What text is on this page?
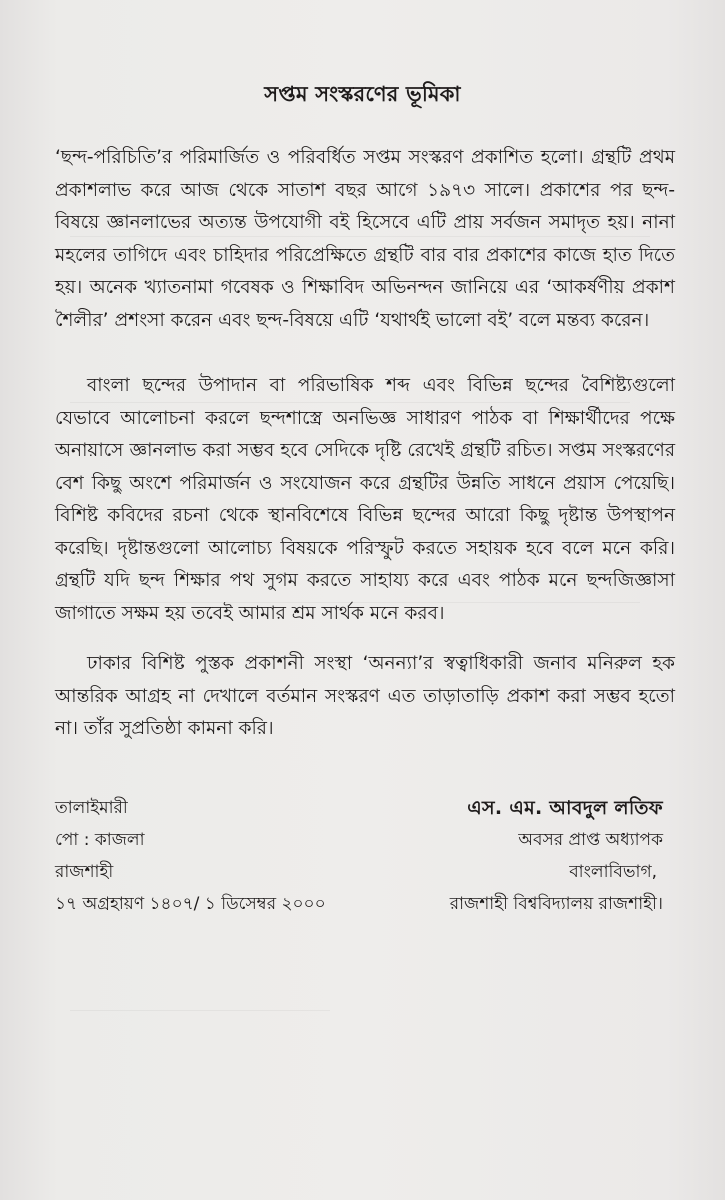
সপ্তম সংস্করণের ভূমিকা

‘ছন্দ-পরিচিতি’র পরিমার্জিত ও পরিবর্ধিত সপ্তম সংস্করণ প্রকাশিত হলো। গ্রন্থটি প্রথম প্রকাশলাভ করে আজ থেকে সাতাশ বছর আগে ১৯৭৩ সালে। প্রকাশের পর ছন্দ-বিষয়ে জ্ঞানলাভের অত্যন্ত উপযোগী বই হিসেবে এটি প্রায় সর্বজন সমাদৃত হয়। নানা মহলের তাগিদে এবং চাহিদার পরিপ্রেক্ষিতে গ্রন্থটি বার বার প্রকাশের কাজে হাত দিতে হয়। অনেক খ্যাতনামা গবেষক ও শিক্ষাবিদ অভিনন্দন জানিয়ে এর ‘আকর্ষণীয় প্রকাশ শৈলীর’ প্রশংসা করেন এবং ছন্দ-বিষয়ে এটি ‘যথার্থই ভালো বই’ বলে মন্তব্য করেন।

বাংলা ছন্দের উপাদান বা পরিভাষিক শব্দ এবং বিভিন্ন ছন্দের বৈশিষ্ট্যগুলো যেভাবে আলোচনা করলে ছন্দশাস্ত্রে অনভিজ্ঞ সাধারণ পাঠক বা শিক্ষার্থীদের পক্ষে অনায়াসে জ্ঞানলাভ করা সম্ভব হবে সেদিকে দৃষ্টি রেখেই গ্রন্থটি রচিত। সপ্তম সংস্করণের বেশ কিছু অংশে পরিমার্জন ও সংযোজন করে গ্রন্থটির উন্নতি সাধনে প্রয়াস পেয়েছি। বিশিষ্ট কবিদের রচনা থেকে স্থানবিশেষে বিভিন্ন ছন্দের আরো কিছু দৃষ্টান্ত উপস্থাপন করেছি। দৃষ্টান্তগুলো আলোচ্য বিষয়কে পরিস্ফুট করতে সহায়ক হবে বলে মনে করি। গ্রন্থটি যদি ছন্দ শিক্ষার পথ সুগম করতে সাহায্য করে এবং পাঠক মনে ছন্দজিজ্ঞাসা জাগাতে সক্ষম হয় তবেই আমার শ্রম সার্থক মনে করব।

ঢাকার বিশিষ্ট পুস্তক প্রকাশনী সংস্থা ‘অনন্যা’র স্বত্বাধিকারী জনাব মনিরুল হক আন্তরিক আগ্রহ না দেখালে বর্তমান সংস্করণ এত তাড়াতাড়ি প্রকাশ করা সম্ভব হতো না। তাঁর সুপ্রতিষ্ঠা কামনা করি।

তালাইমারী
পো : কাজলা
রাজশাহী
১৭ অগ্রহায়ণ ১৪০৭/ ১ ডিসেম্বর ২০০০
এস. এম. আবদুল লতিফ
অবসর প্রাপ্ত অধ্যাপক
বাংলাবিভাগ,
রাজশাহী বিশ্ববিদ্যালয় রাজশাহী।
